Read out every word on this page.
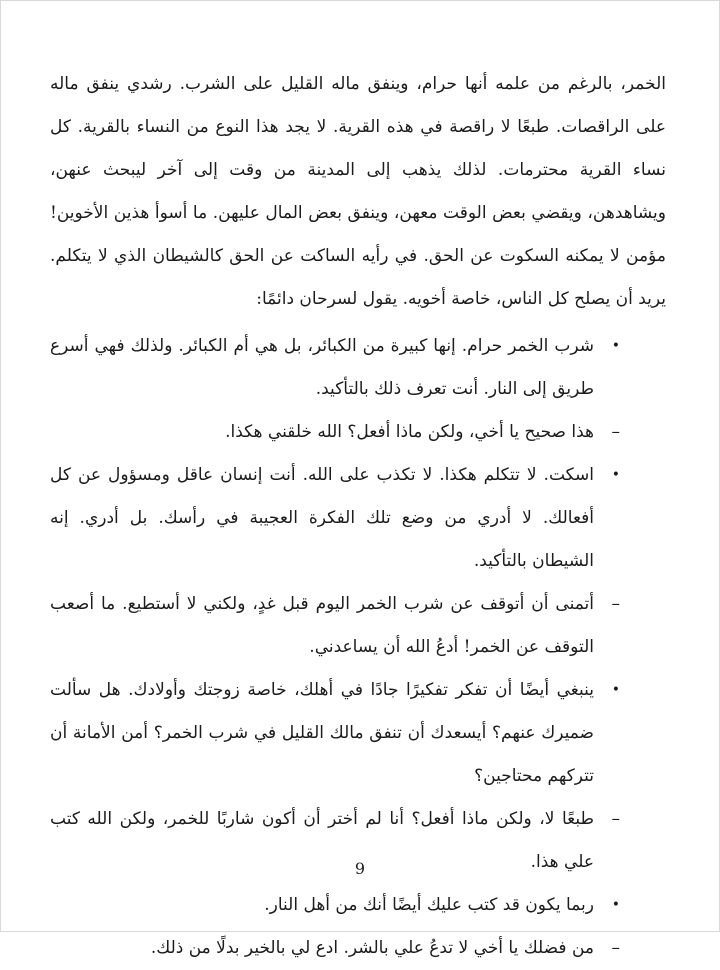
الخمر، بالرغم من علمه أنها حرام، وينفق ماله القليل على الشرب. رشدي ينفق ماله على الراقصات. طبعًا لا راقصة في هذه القرية. لا يجد هذا النوع من النساء بالقرية. كل نساء القرية محترمات. لذلك يذهب إلى المدينة من وقت إلى آخر ليبحث عنهن، ويشاهدهن، ويقضي بعض الوقت معهن، وينفق بعض المال عليهن. ما أسوأ هذين الأخوين! مؤمن لا يمكنه السكوت عن الحق. في رأيه الساكت عن الحق كالشيطان الذي لا يتكلم. يريد أن يصلح كل الناس، خاصة أخويه. يقول لسرحان دائمًا:

•
شرب الخمر حرام. إنها كبيرة من الكبائر، بل هي أم الكبائر. ولذلك فهي أسرع طريق إلى النار. أنت تعرف ذلك بالتأكيد.
–
هذا صحيح يا أخي، ولكن ماذا أفعل؟ الله خلقني هكذا.
•
اسكت. لا تتكلم هكذا. لا تكذب على الله. أنت إنسان عاقل ومسؤول عن كل أفعالك. لا أدري من وضع تلك الفكرة العجيبة في رأسك. بل أدري. إنه الشيطان بالتأكيد.
–
أتمنى أن أتوقف عن شرب الخمر اليوم قبل غدٍ، ولكني لا أستطيع. ما أصعب التوقف عن الخمر! أدعُ الله أن يساعدني.
•
ينبغي أيضًا أن تفكر تفكيرًا جادًا في أهلك، خاصة زوجتك وأولادك. هل سألت ضميرك عنهم؟ أيسعدك أن تنفق مالك القليل في شرب الخمر؟ أمن الأمانة أن تتركهم محتاجين؟
–
طبعًا لا، ولكن ماذا أفعل؟ أنا لم أختر أن أكون شاربًا للخمر، ولكن الله كتب علي هذا.
•
ربما يكون قد كتب عليك أيضًا أنك من أهل النار.
–
من فضلك يا أخي لا تدعُ علي بالشر. ادع لي بالخير بدلًا من ذلك.
9
